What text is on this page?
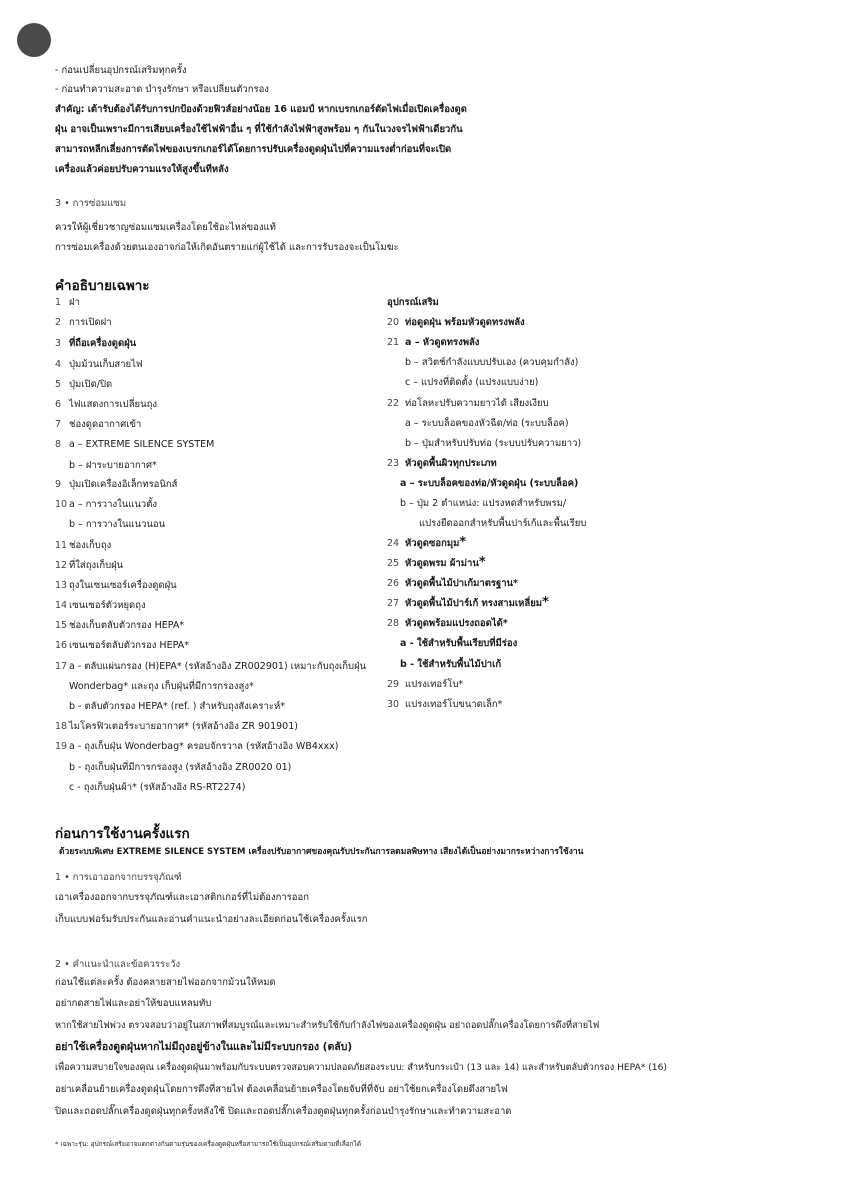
- ก่อนเปลี่ยนอุปกรณ์เสริมทุกครั้ง
- ก่อนทำความสะอาด บำรุงรักษา หรือเปลี่ยนตัวกรอง
สำคัญ: เต้ารับต้องได้รับการปกป้องด้วยฟิวส์อย่างน้อย 16 แอมป์ หากเบรกเกอร์ตัดไฟเมื่อเปิดเครื่องดูด
ฝุ่น อาจเป็นเพราะมีการเสียบเครื่องใช้ไฟฟ้าอื่น ๆ ที่ใช้กำลังไฟฟ้าสูงพร้อม ๆ กันในวงจรไฟฟ้าเดียวกัน
สามารถหลีกเลี่ยงการตัดไฟของเบรกเกอร์ได้โดยการปรับเครื่องดูดฝุ่นไปที่ความแรงต่ำก่อนที่จะเปิด
เครื่องแล้วค่อยปรับความแรงให้สูงขึ้นทีหลัง
3 • การซ่อมแซม
ควรให้ผู้เชี่ยวชาญซ่อมแซมเครื่องโดยใช้อะไหล่ของแท้
การซ่อมเครื่องด้วยตนเองอาจก่อให้เกิดอันตรายแก่ผู้ใช้ได้ และการรับรองจะเป็นโมฆะ
คำอธิบายเฉพาะ
1 ฝา
2 การเปิดฝา
3 ที่ถือเครื่องดูดฝุ่น
4 ปุ่มม้วนเก็บสายไฟ
5 ปุ่มเปิด/ปิด
6 ไฟแสดงการเปลี่ยนถุง
7 ช่องดูดอากาศเข้า
8 a – EXTREME SILENCE SYSTEM
b – ฝาระบายอากาศ*
9 ปุ่มเปิดเครื่องอิเล็กทรอนิกส์
10 a – การวางในแนวตั้ง
b – การวางในแนวนอน
11 ช่องเก็บถุง
12 ที่ใส่ถุงเก็บฝุ่น
13 ถุงในเซนเซอร์เครื่องดูดฝุ่น
14 เซนเซอร์ตัวหยุดถุง
15 ช่องเก็บตลับตัวกรอง HEPA*
16 เซนเซอร์ตลับตัวกรอง HEPA*
17 a - ตลับแผ่นกรอง (H)EPA* (รหัสอ้างอิง ZR002901) เหมาะกับถุงเก็บฝุ่น
Wonderbag* และถุง เก็บฝุ่นที่มีการกรองสูง*
b - ตลับตัวกรอง HEPA* (ref. ) สำหรับถุงสังเคราะห์*
18 ไมโครฟิวเตอร์ระบายอากาศ* (รหัสอ้างอิง ZR 901901)
19 a - ถุงเก็บฝุ่น Wonderbag* ครอบจักรวาล (รหัสอ้างอิง WB4xxx)
b - ถุงเก็บฝุ่นที่มีการกรองสูง (รหัสอ้างอิง ZR0020 01)
c - ถุงเก็บฝุ่นผ้า* (รหัสอ้างอิง RS-RT2274)
อุปกรณ์เสริม
20 ท่อดูดฝุ่น พร้อมหัวดูดทรงพลัง
21 a – หัวดูดทรงพลัง
b – สวิตช์กำลังแบบปรับเอง (ควบคุมกำลัง)
c – แปรงที่ติดตั้ง (แปรงแบบง่าย)
22 ท่อโลหะปรับความยาวได้ เสียงเงียบ
a – ระบบล็อคของหัวฉีด/ท่อ (ระบบล็อค)
b – ปุ่มสำหรับปรับท่อ (ระบบปรับความยาว)
23 หัวดูดพื้นผิวทุกประเภท
a – ระบบล็อคของท่อ/หัวดูดฝุ่น (ระบบล็อค)
b – ปุ่ม 2 ตำแหน่ง: แปรงหดสำหรับพรม/
แปรงยืดออกสำหรับพื้นปาร์เก้และพื้นเรียบ
24 หัวดูดซอกมุม*
25 หัวดูดพรม ผ้าม่าน*
26 หัวดูดพื้นไม้ปาเก้มาตรฐาน*
27 หัวดูดพื้นไม้ปาร์เก้ ทรงสามเหลี่ยม*
28 หัวดูดพร้อมแปรงถอดได้*
a - ใช้สำหรับพื้นเรียบที่มีร่อง
b - ใช้สำหรับพื้นไม้ปาเก้
29 แปรงเทอร์โบ*
30 แปรงเทอร์โบขนาดเล็ก*
ก่อนการใช้งานครั้งแรก
ด้วยระบบพิเศษ EXTREME SILENCE SYSTEM เครื่องปรับอากาศของคุณรับประกันการลดมลพิษทาง เสียงได้เป็นอย่างมากระหว่างการใช้งาน
1 • การเอาออกจากบรรจุภัณฑ์
เอาเครื่องออกจากบรรจุภัณฑ์และเอาสติกเกอร์ที่ไม่ต้องการออก
เก็บแบบฟอร์มรับประกันและอ่านคำแนะนำอย่างละเอียดก่อนใช้เครื่องครั้งแรก
2 • คำแนะนำและข้อควรระวัง
ก่อนใช้แต่ละครั้ง ต้องคลายสายไฟออกจากม้วนให้หมด
อย่ากดสายไฟและอย่าให้ขอบแหลมทับ
หากใช้สายไฟพ่วง ตรวจสอบว่าอยู่ในสภาพที่สมบูรณ์และเหมาะสำหรับใช้กับกำลังไฟของเครื่องดูดฝุ่น อย่าถอดปลั๊กเครื่องโดยการดึงที่สายไฟ
อย่าใช้เครื่องดูดฝุ่นหากไม่มีถุงอยู่ข้างในและไม่มีระบบกรอง (ตลับ)
เพื่อความสบายใจของคุณ เครื่องดูดฝุ่นมาพร้อมกับระบบตรวจสอบความปลอดภัยสองระบบ: สำหรับกระเป๋า (13 และ 14) และสำหรับตลับตัวกรอง HEPA* (16)
อย่าเคลื่อนย้ายเครื่องดูดฝุ่นโดยการดึงที่สายไฟ ต้องเคลื่อนย้ายเครื่องโดยจับที่ที่จับ อย่าใช้ยกเครื่องโดยดึงสายไฟ
ปิดและถอดปลั๊กเครื่องดูดฝุ่นทุกครั้งหลังใช้ ปิดและถอดปลั๊กเครื่องดูดฝุ่นทุกครั้งก่อนบำรุงรักษาและทำความสะอาด
* เฉพาะรุ่น: อุปกรณ์เสริมอาจแตกต่างกันตามรุ่นของเครื่องดูดฝุ่นหรือสามารถใช้เป็นอุปกรณ์เสริมตามที่เลือกได้
